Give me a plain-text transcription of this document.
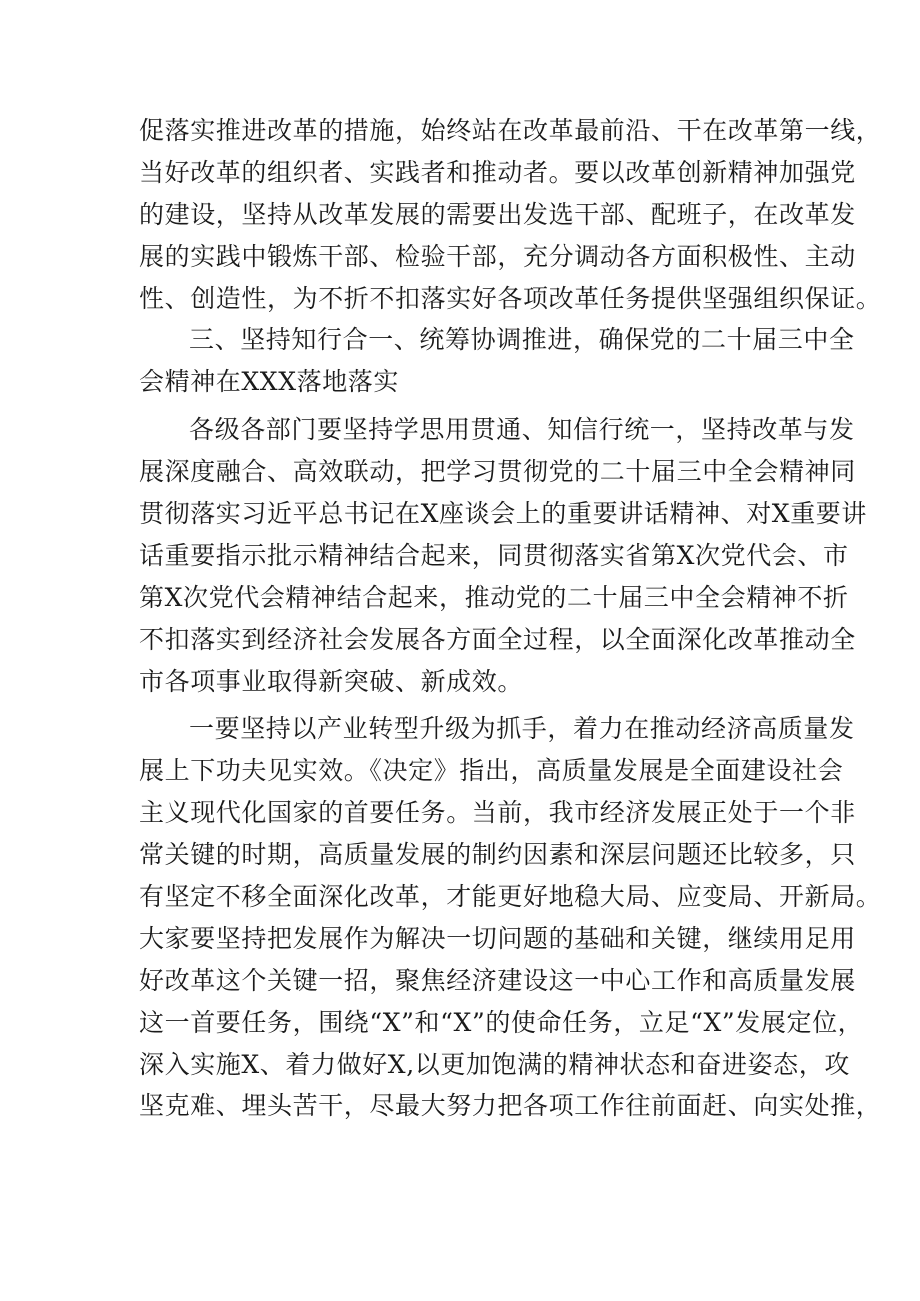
促落实推进改革的措施，始终站在改革最前沿、干在改革第一线，
当好改革的组织者、实践者和推动者。要以改革创新精神加强党
的建设，坚持从改革发展的需要出发选干部、配班子，在改革发
展的实践中锻炼干部、检验干部，充分调动各方面积极性、主动
性、创造性，为不折不扣落实好各项改革任务提供坚强组织保证。
三、坚持知行合一、统筹协调推进，确保党的二十届三中全
会精神在XXX落地落实
各级各部门要坚持学思用贯通、知信行统一，坚持改革与发
展深度融合、高效联动，把学习贯彻党的二十届三中全会精神同
贯彻落实习近平总书记在X座谈会上的重要讲话精神、对X重要讲
话重要指示批示精神结合起来，同贯彻落实省第X次党代会、市
第X次党代会精神结合起来，推动党的二十届三中全会精神不折
不扣落实到经济社会发展各方面全过程，以全面深化改革推动全
市各项事业取得新突破、新成效。
一要坚持以产业转型升级为抓手，着力在推动经济高质量发
展上下功夫见实效。《决定》指出，高质量发展是全面建设社会
主义现代化国家的首要任务。当前，我市经济发展正处于一个非
常关键的时期，高质量发展的制约因素和深层问题还比较多，只
有坚定不移全面深化改革，才能更好地稳大局、应变局、开新局。
大家要坚持把发展作为解决一切问题的基础和关键，继续用足用
好改革这个关键一招，聚焦经济建设这一中心工作和高质量发展
这一首要任务，围绕“X”和“X”的使命任务，立足“X”发展定位，
深入实施X、着力做好X,以更加饱满的精神状态和奋进姿态，攻
坚克难、埋头苦干，尽最大努力把各项工作往前面赶、向实处推，
